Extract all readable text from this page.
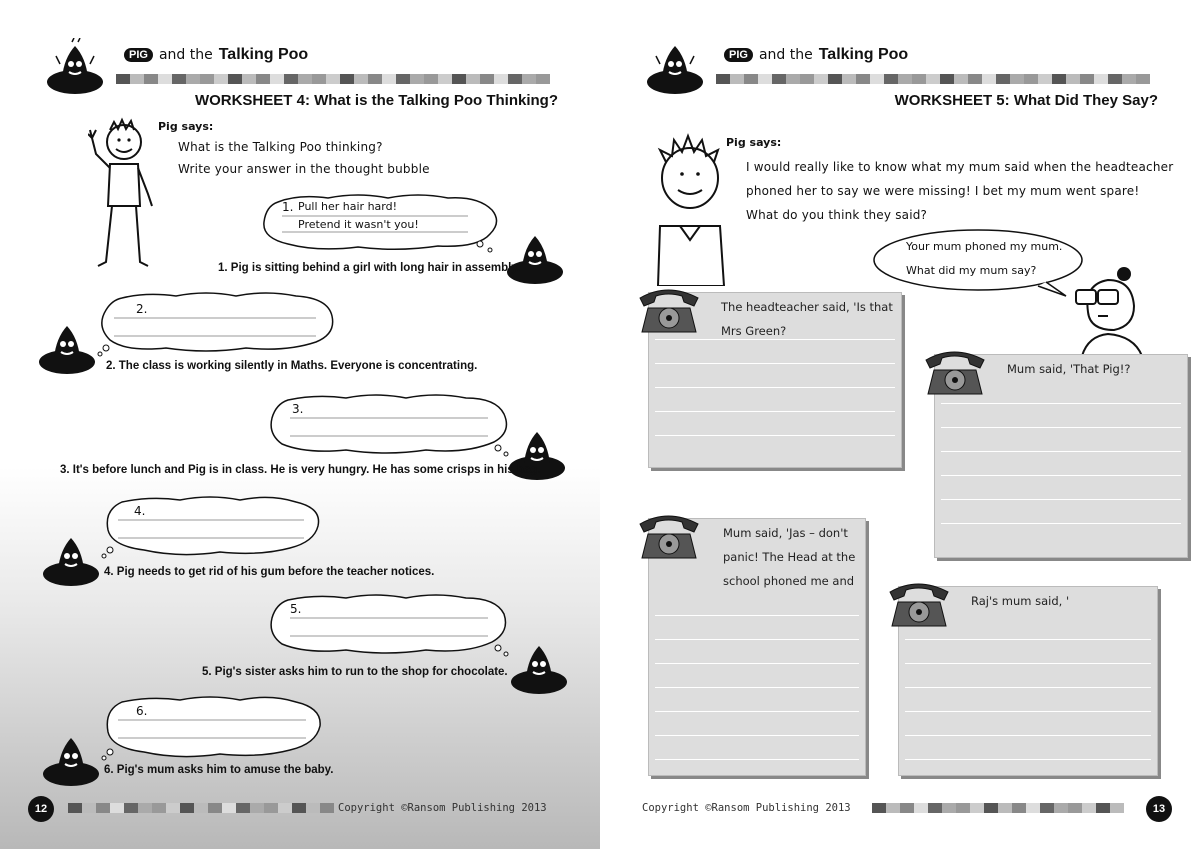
PIG and the Talking Poo
WORKSHEET 4: What is the Talking Poo Thinking?
Pig says:
What is the Talking Poo thinking?
Write your answer in the thought bubble
1. Pull her hair hard!
Pretend it wasn't you!
1. Pig is sitting behind a girl with long hair in assembly.
2.
2. The class is working silently in Maths. Everyone is concentrating.
3.
3. It's before lunch and Pig is in class. He is very hungry. He has some crisps in his bag.
4.
4. Pig needs to get rid of his gum before the teacher notices.
5.
5. Pig's sister asks him to run to the shop for chocolate.
6.
6. Pig's mum asks him to amuse the baby.
12	Copyright ©Ransom Publishing 2013
PIG and the Talking Poo
WORKSHEET 5: What Did They Say?
Pig says:
I would really like to know what my mum said when the headteacher
phoned her to say we were missing! I bet my mum went spare!
What do you think they said?
Your mum phoned my mum.
What did my mum say?
The headteacher said, 'Is that
Mrs Green?
Mum said, 'That Pig!?
Mum said, 'Jas – don't
panic! The Head at the
school phoned me and
Raj's mum said, '
Copyright ©Ransom Publishing 2013	13
